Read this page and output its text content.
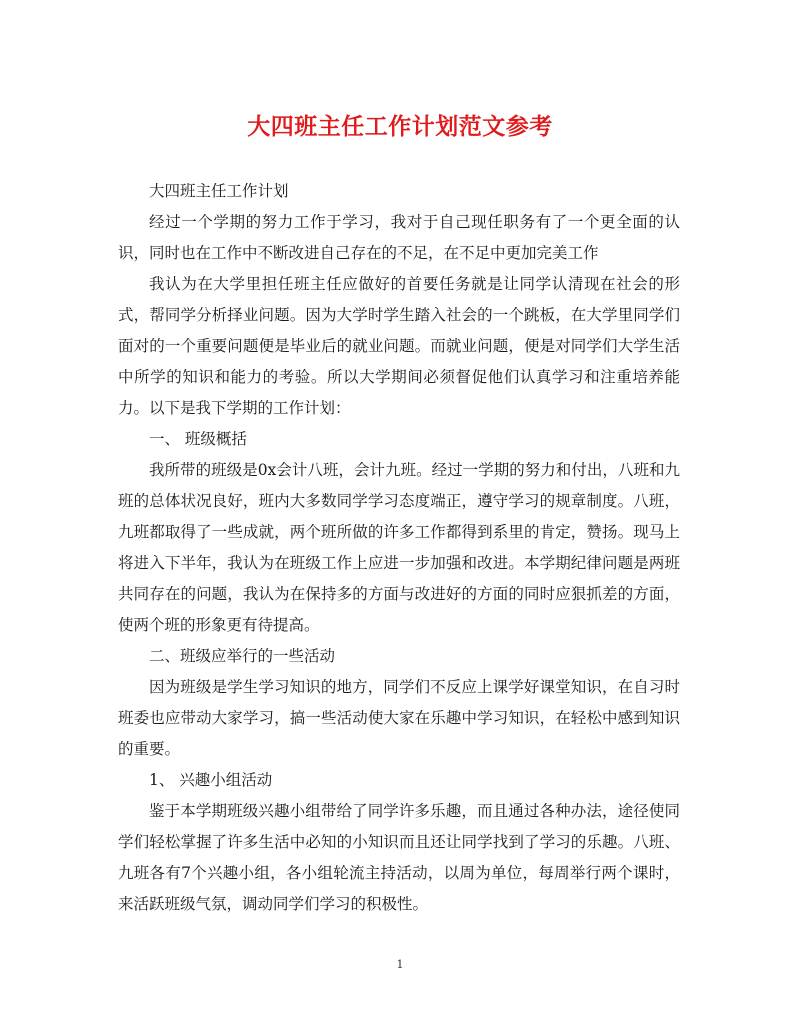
大四班主任工作计划范文参考

大四班主任工作计划

经过一个学期的努力工作于学习，我对于自己现任职务有了一个更全面的认识，同时也在工作中不断改进自己存在的不足，在不足中更加完美工作

我认为在大学里担任班主任应做好的首要任务就是让同学认清现在社会的形式，帮同学分析择业问题。因为大学时学生踏入社会的一个跳板，在大学里同学们面对的一个重要问题便是毕业后的就业问题。而就业问题，便是对同学们大学生活中所学的知识和能力的考验。所以大学期间必须督促他们认真学习和注重培养能力。以下是我下学期的工作计划：

一、 班级概括

我所带的班级是0x会计八班，会计九班。经过一学期的努力和付出，八班和九班的总体状况良好，班内大多数同学学习态度端正，遵守学习的规章制度。八班，九班都取得了一些成就，两个班所做的许多工作都得到系里的肯定，赞扬。现马上将进入下半年，我认为在班级工作上应进一步加强和改进。本学期纪律问题是两班共同存在的问题，我认为在保持多的方面与改进好的方面的同时应狠抓差的方面，使两个班的形象更有待提高。

二、班级应举行的一些活动

因为班级是学生学习知识的地方，同学们不反应上课学好课堂知识，在自习时班委也应带动大家学习，搞一些活动使大家在乐趣中学习知识，在轻松中感到知识的重要。

1、 兴趣小组活动

鉴于本学期班级兴趣小组带给了同学许多乐趣，而且通过各种办法，途径使同学们轻松掌握了许多生活中必知的小知识而且还让同学找到了学习的乐趣。八班、九班各有7个兴趣小组，各小组轮流主持活动，以周为单位，每周举行两个课时，来活跃班级气氛，调动同学们学习的积极性。

1
